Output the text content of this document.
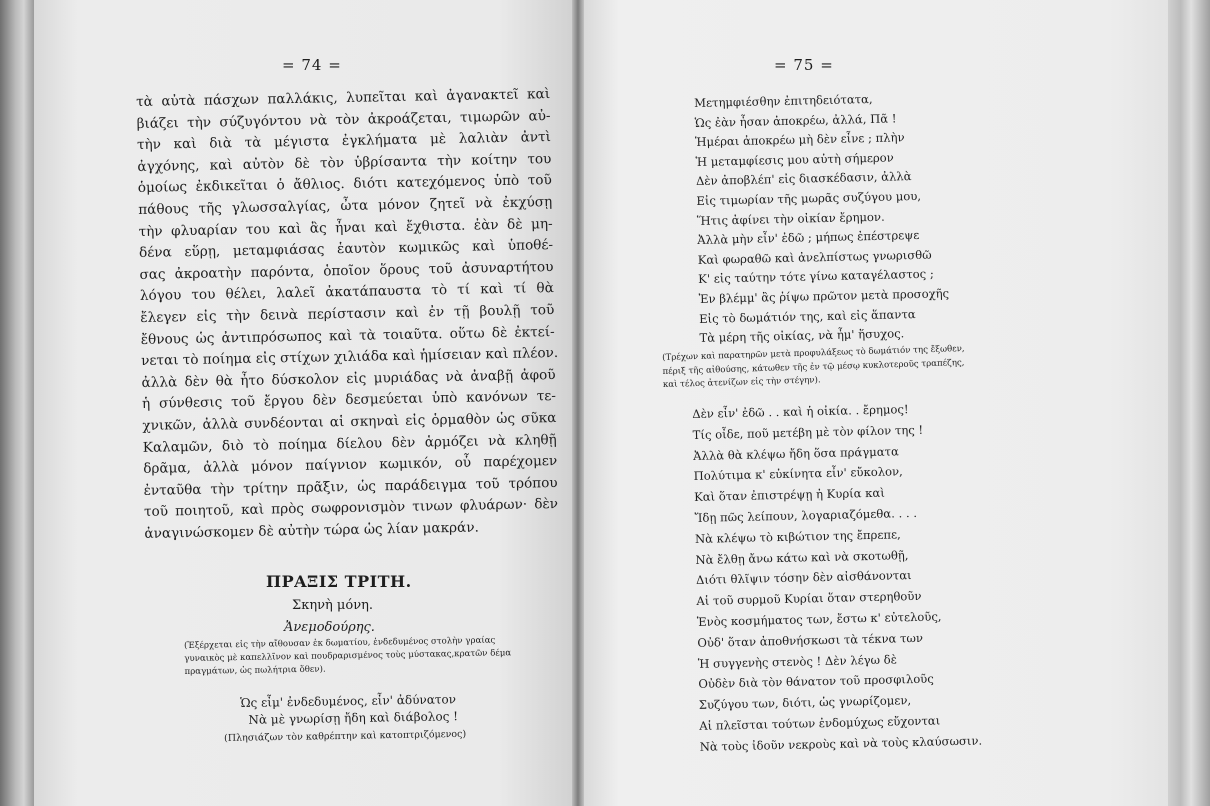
= 74 =
τὰ αὐτὰ πάσχων παλλάκις, λυπεῖται καὶ ἀγανακτεῖ καὶ
βιάζει τὴν σύζυγόντου νὰ τὸν ἀκροάζεται, τιμωρῶν αὐ-
τὴν καὶ διὰ τὰ μέγιστα ἐγκλήματα μὲ λαλιὰν ἀντὶ
ἀγχόνης, καὶ αὐτὸν δὲ τὸν ὑβρίσαντα τὴν κοίτην του
ὁμοίως ἐκδικεῖται ὁ ἄθλιος. διότι κατεχόμενος ὑπὸ τοῦ
πάθους τῆς γλωσσαλγίας, ὦτα μόνον ζητεῖ νὰ ἐκχύσῃ
τὴν φλυαρίαν του καὶ ἂς ἦναι καὶ ἔχθιστα. ἐὰν δὲ μη-
δένα εὕρῃ, μεταμφιάσας ἑαυτὸν κωμικῶς καὶ ὑποθέ-
σας ἀκροατὴν παρόντα, ὁποῖον ὅρους τοῦ ἀσυναρτήτου
λόγου του θέλει, λαλεῖ ἀκατάπαυστα τὸ τί καὶ τί θὰ
ἔλεγεν εἰς τὴν δεινὰ περίστασιν καὶ ἐν τῇ βουλῇ τοῦ
ἔθνους ὡς ἀντιπρόσωπος καὶ τὰ τοιαῦτα. οὕτω δὲ ἐκτεί-
νεται τὸ ποίημα εἰς στίχων χιλιάδα καὶ ἡμίσειαν καὶ πλέον.
ἀλλὰ δὲν θὰ ἦτο δύσκολον εἰς μυριάδας νὰ ἀναβῇ ἀφοῦ
ἡ σύνθεσις τοῦ ἔργου δὲν δεσμεύεται ὑπὸ κανόνων τε-
χνικῶν, ἀλλὰ συνδέονται αἱ σκηναὶ εἰς ὁρμαθὸν ὡς σῦκα
Καλαμῶν, διὸ τὸ ποίημα δίελου δὲν ἁρμόζει νὰ κληθῇ
δρᾶμα, ἀλλὰ μόνον παίγνιον κωμικόν, οὗ παρέχομεν
ἐνταῦθα τὴν τρίτην πρᾶξιν, ὡς παράδειγμα τοῦ τρόπου
τοῦ ποιητοῦ, καὶ πρὸς σωφρονισμὸν τινων φλυάρων· δὲν
ἀναγινώσκομεν δὲ αὐτὴν τώρα ὡς λίαν μακράν.
ΠΡΑΞΙΣ ΤΡΙΤΗ.
Σκηνὴ μόνη.
Ἀνεμοδούρης.
(Ἐξέρχεται εἰς τὴν αἴθουσαν ἐκ δωματίου, ἐνδεδυμένος στολὴν γραίας
γυναικὸς μὲ καπελλῖνον καὶ πουδραρισμένος τοὺς μύστακας,κρατῶν δέμα
πραγμάτων, ὡς πωλήτρια ὅθεν).
Ὡς εἶμ' ἐνδεδυμένος, εἶν' ἀδύνατον
Νὰ μὲ γνωρίσῃ ἤδη καὶ διάβολος !
(Πλησιάζων τὸν καθρέπτην καὶ κατοπτριζόμενος)
= 75 =
Μετημφιέσθην ἐπιτηδειότατα,
Ὡς ἐὰν ἦσαν ἀποκρέω, ἀλλά, Πᾶ !
Ἡμέραι ἀποκρέω μὴ δὲν εἶνε ; πλὴν
Ἡ μεταμφίεσις μου αὐτὴ σήμερον
Δὲν ἀποβλέπ' εἰς διασκέδασιν, ἀλλὰ
Εἰς τιμωρίαν τῆς μωρᾶς συζύγου μου,
Ἥτις ἀφίνει τὴν οἰκίαν ἔρημον.
Ἀλλὰ μὴν εἶν' ἐδῶ ; μήπως ἐπέστρεψε
Καὶ φωραθῶ καὶ ἀνελπίστως γνωρισθῶ
Κ' εἰς ταύτην τότε γίνω καταγέλαστος ;
Ἐν βλέμμ' ἂς ῥίψω πρῶτον μετὰ προσοχῆς
Εἰς τὸ δωμάτιόν της, καὶ εἰς ἅπαντα
Τὰ μέρη τῆς οἰκίας, νὰ ἦμ' ἥσυχος.
(Τρέχων καὶ παρατηρῶν μετὰ προφυλάξεως τὸ δωμάτιόν της ἔξωθεν,
πέριξ τῆς αἰθούσης, κάτωθεν τῆς ἐν τῷ μέσῳ κυκλοτεροῦς τραπέζης,
καὶ τέλος ἀτενίζων εἰς τὴν στέγην).
Δὲν εἶν' ἐδῶ . . καὶ ἡ οἰκία. . ἔρημος!
Τίς οἶδε, ποῦ μετέβη μὲ τὸν φίλον της !
Ἀλλὰ θὰ κλέψω ἤδη ὅσα πράγματα
Πολύτιμα κ' εὐκίνητα εἶν' εὔκολον,
Καὶ ὅταν ἐπιστρέψῃ ἡ Κυρία καὶ
Ἴδῃ πῶς λείπουν, λογαριαζόμεθα. . . .
Νὰ κλέψω τὸ κιβώτιον της ἔπρεπε,
Νὰ ἔλθῃ ἄνω κάτω καὶ νὰ σκοτωθῇ,
Διότι θλῖψιν τόσην δὲν αἰσθάνονται
Αἱ τοῦ συρμοῦ Κυρίαι ὅταν στερηθοῦν
Ἑνὸς κοσμήματος των, ἔστω κ' εὐτελοῦς,
Οὐδ' ὅταν ἀποθνήσκωσι τὰ τέκνα των
Ἡ συγγενὴς στενὸς ! Δὲν λέγω δὲ
Οὐδὲν διὰ τὸν θάνατον τοῦ προσφιλοῦς
Συζύγου των, διότι, ὡς γνωρίζομεν,
Αἱ πλεῖσται τούτων ἐνδομύχως εὔχονται
Νὰ τοὺς ἰδοῦν νεκροὺς καὶ νὰ τοὺς κλαύσωσιν.
